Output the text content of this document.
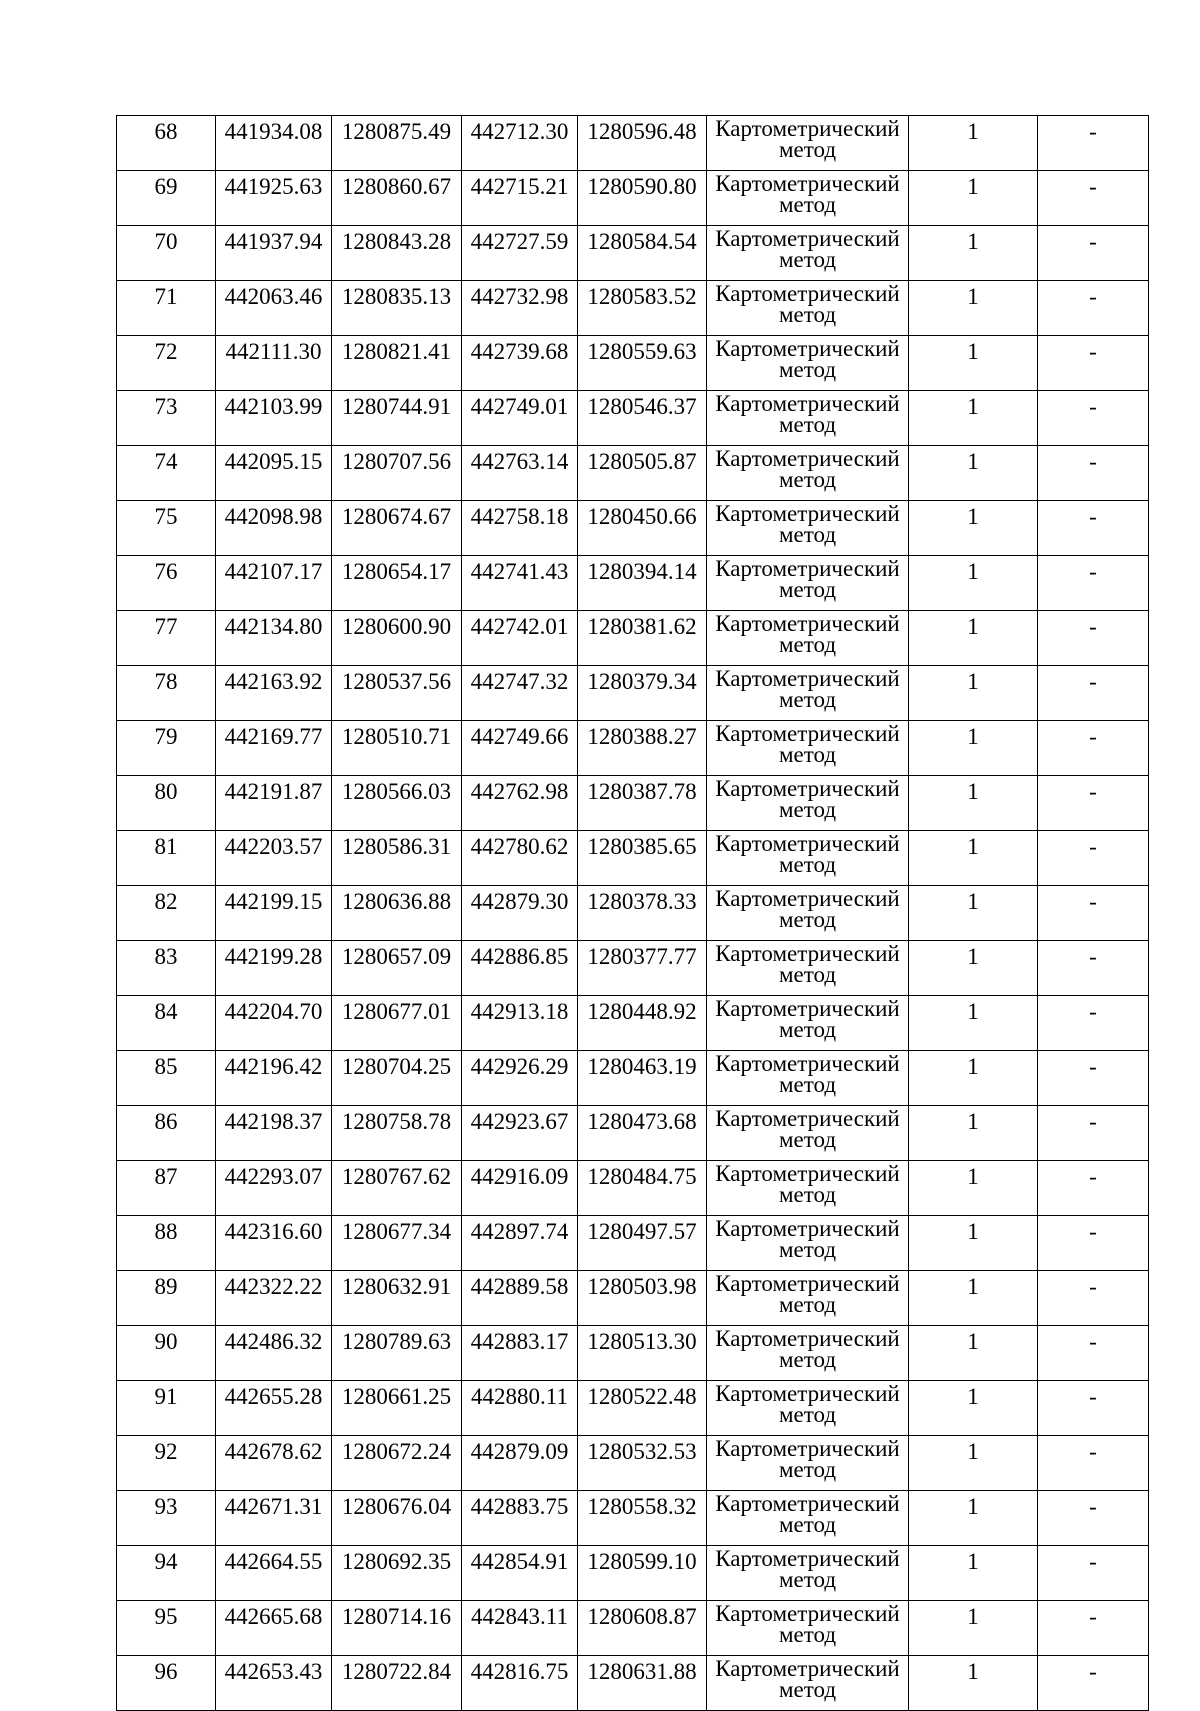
68	441934.08	1280875.49	442712.30	1280596.48	Картометрический
метод	1	-
69	441925.63	1280860.67	442715.21	1280590.80	Картометрический
метод	1	-
70	441937.94	1280843.28	442727.59	1280584.54	Картометрический
метод	1	-
71	442063.46	1280835.13	442732.98	1280583.52	Картометрический
метод	1	-
72	442111.30	1280821.41	442739.68	1280559.63	Картометрический
метод	1	-
73	442103.99	1280744.91	442749.01	1280546.37	Картометрический
метод	1	-
74	442095.15	1280707.56	442763.14	1280505.87	Картометрический
метод	1	-
75	442098.98	1280674.67	442758.18	1280450.66	Картометрический
метод	1	-
76	442107.17	1280654.17	442741.43	1280394.14	Картометрический
метод	1	-
77	442134.80	1280600.90	442742.01	1280381.62	Картометрический
метод	1	-
78	442163.92	1280537.56	442747.32	1280379.34	Картометрический
метод	1	-
79	442169.77	1280510.71	442749.66	1280388.27	Картометрический
метод	1	-
80	442191.87	1280566.03	442762.98	1280387.78	Картометрический
метод	1	-
81	442203.57	1280586.31	442780.62	1280385.65	Картометрический
метод	1	-
82	442199.15	1280636.88	442879.30	1280378.33	Картометрический
метод	1	-
83	442199.28	1280657.09	442886.85	1280377.77	Картометрический
метод	1	-
84	442204.70	1280677.01	442913.18	1280448.92	Картометрический
метод	1	-
85	442196.42	1280704.25	442926.29	1280463.19	Картометрический
метод	1	-
86	442198.37	1280758.78	442923.67	1280473.68	Картометрический
метод	1	-
87	442293.07	1280767.62	442916.09	1280484.75	Картометрический
метод	1	-
88	442316.60	1280677.34	442897.74	1280497.57	Картометрический
метод	1	-
89	442322.22	1280632.91	442889.58	1280503.98	Картометрический
метод	1	-
90	442486.32	1280789.63	442883.17	1280513.30	Картометрический
метод	1	-
91	442655.28	1280661.25	442880.11	1280522.48	Картометрический
метод	1	-
92	442678.62	1280672.24	442879.09	1280532.53	Картометрический
метод	1	-
93	442671.31	1280676.04	442883.75	1280558.32	Картометрический
метод	1	-
94	442664.55	1280692.35	442854.91	1280599.10	Картометрический
метод	1	-
95	442665.68	1280714.16	442843.11	1280608.87	Картометрический
метод	1	-
96	442653.43	1280722.84	442816.75	1280631.88	Картометрический
метод	1	-
